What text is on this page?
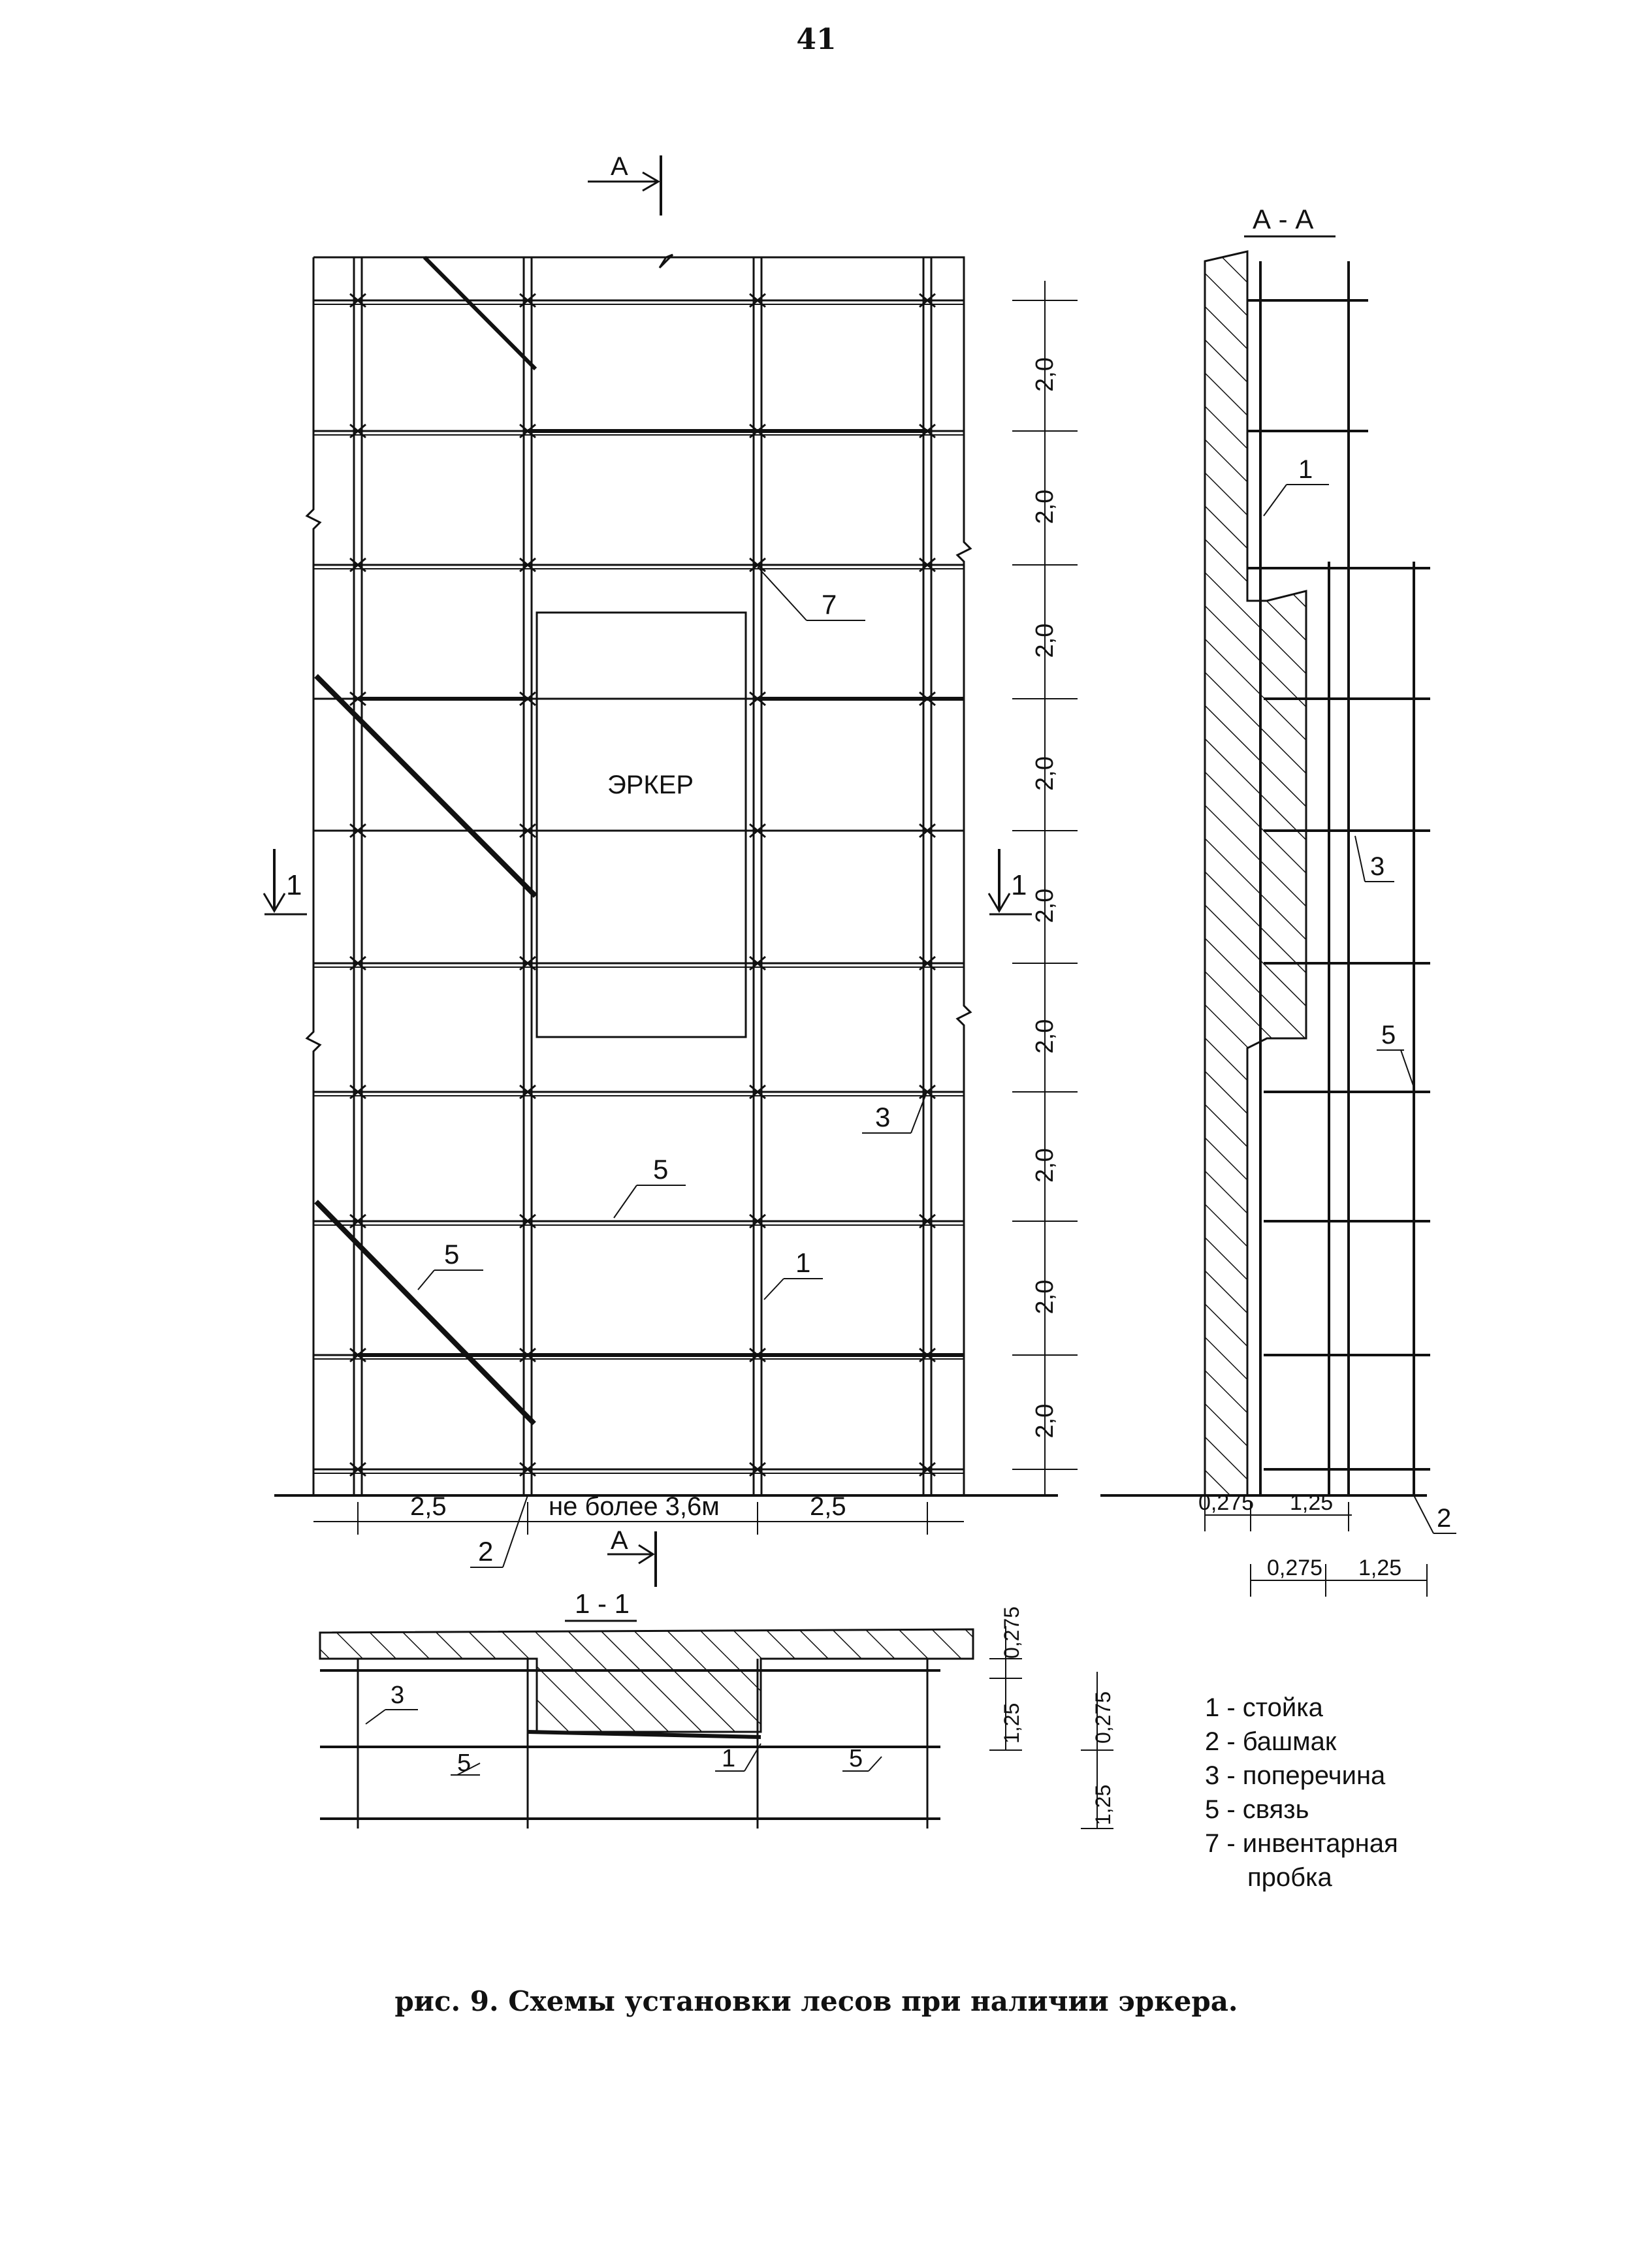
41
ЭРКЕР
А
А
1	1
2,0
2,0
2,0
2,0
2,0
2,0
2,0
2,0
2,0
2,5	не более 3,6м	2,5
7
3
5
5	1
2
А - А
0,275 1,25
0,275 1,25
1
3
5
2
1 - 1
0,275
1,25	0,275
1,25
3
5	1	5
1 - стойка
2 - башмак
3 - поперечина
5 - связь
7 - инвентарная
пробка
рис. 9. Схемы установки лесов при наличии эркера.
